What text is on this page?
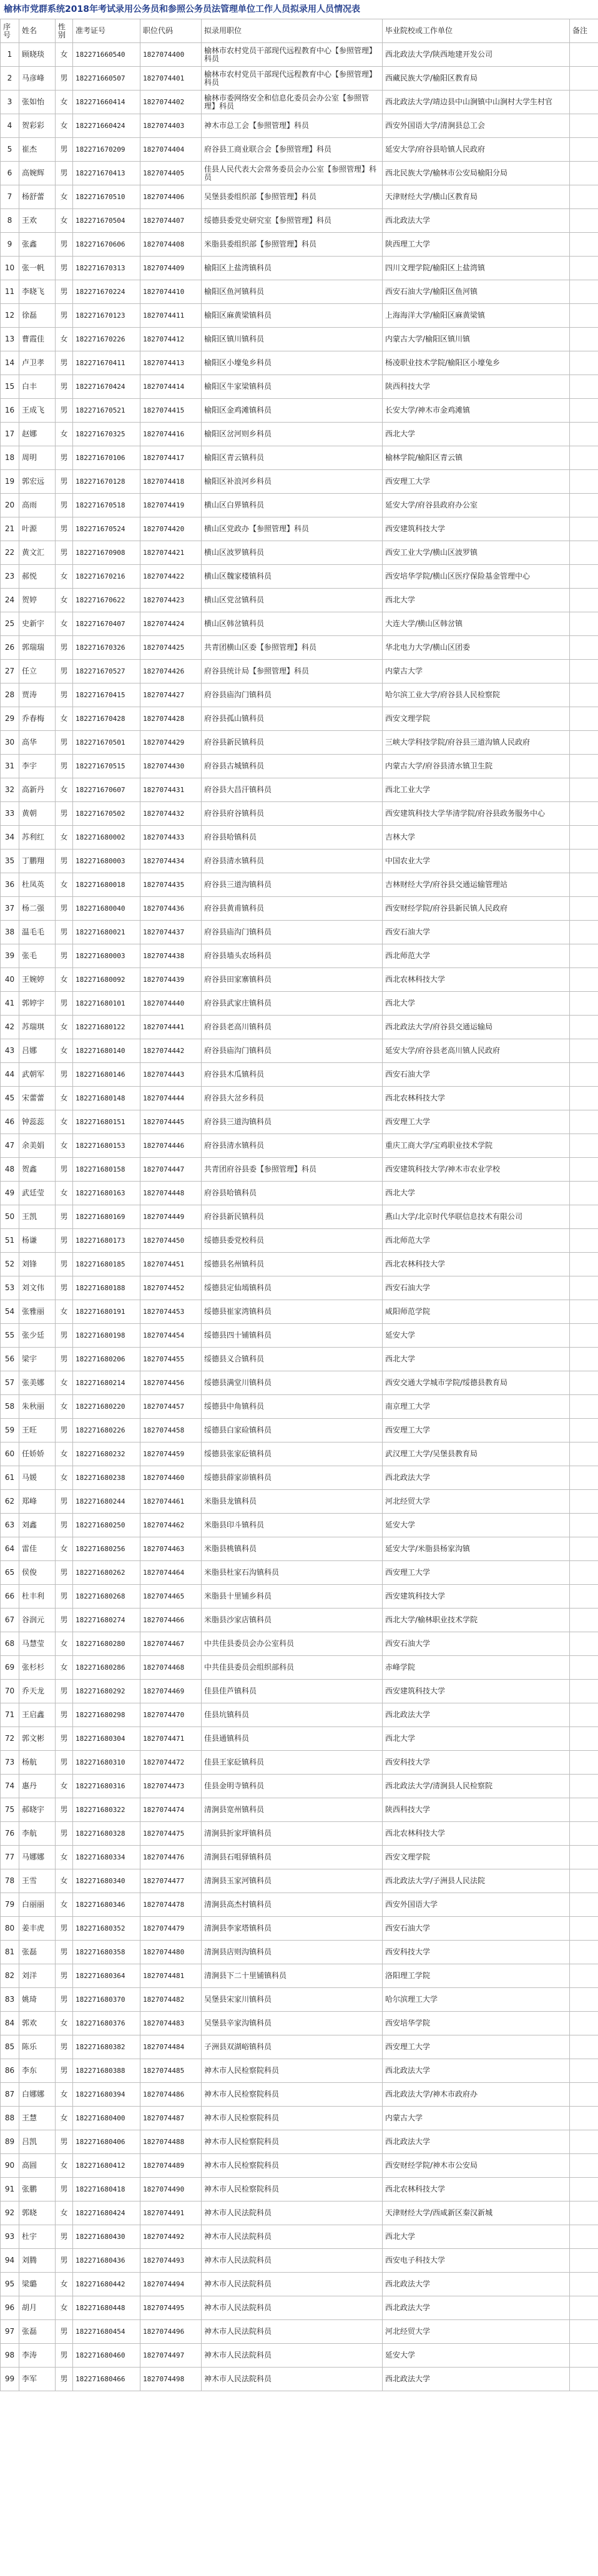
榆林市党群系统2018年考试录用公务员和参照公务员法管理单位工作人员拟录用人员情况表
序号	姓名	性别	准考证号	职位代码	拟录用职位	毕业院校或工作单位	备注
1	顾晓琰	女	182271660540	1827074400	榆林市农村党员干部现代远程教育中心【参照管理】科员	西北政法大学/陕西地建开发公司	
2	马彦峰	男	182271660507	1827074401	榆林市农村党员干部现代远程教育中心【参照管理】科员	西藏民族大学/榆阳区教育局	
3	张如怡	女	182271660414	1827074402	榆林市委网络安全和信息化委员会办公室【参照管理】科员	西北政法大学/靖边县中山涧镇中山涧村大学生村官	
4	贺彩彩	女	182271660424	1827074403	神木市总工会【参照管理】科员	西安外国语大学/清涧县总工会	
5	崔杰	男	182271670209	1827074404	府谷县工商业联合会【参照管理】科员	延安大学/府谷县哈镇人民政府	
6	高婉辉	男	182271670413	1827074405	佳县人民代表大会常务委员会办公室【参照管理】科员	西北民族大学/榆林市公安局榆阳分局	
7	杨舒蕾	女	182271670510	1827074406	吴堡县委组织部【参照管理】科员	天津财经大学/横山区教育局	
8	王欢	女	182271670504	1827074407	绥德县委党史研究室【参照管理】科员	西北政法大学	
9	张鑫	男	182271670606	1827074408	米脂县委组织部【参照管理】科员	陕西理工大学	
10	张一帆	男	182271670313	1827074409	榆阳区上盐湾镇科员	四川文理学院/榆阳区上盐湾镇	
11	李晓飞	男	182271670224	1827074410	榆阳区鱼河镇科员	西安石油大学/榆阳区鱼河镇	
12	徐磊	男	182271670123	1827074411	榆阳区麻黄梁镇科员	上海海洋大学/榆阳区麻黄梁镇	
13	曹霞佳	女	182271670226	1827074412	榆阳区镇川镇科员	内蒙古大学/榆阳区镇川镇	
14	卢卫孝	男	182271670411	1827074413	榆阳区小壕兔乡科员	杨凌职业技术学院/榆阳区小壕兔乡	
15	白丰	男	182271670424	1827074414	榆阳区牛家梁镇科员	陕西科技大学	
16	王成飞	男	182271670521	1827074415	榆阳区金鸡滩镇科员	长安大学/神木市金鸡滩镇	
17	赵娜	女	182271670325	1827074416	榆阳区岔河则乡科员	西北大学	
18	周明	男	182271670106	1827074417	榆阳区青云镇科员	榆林学院/榆阳区青云镇	
19	郭宏远	男	182271670128	1827074418	榆阳区补浪河乡科员	西安理工大学	
20	高雨	男	182271670518	1827074419	横山区白界镇科员	延安大学/府谷县政府办公室	
21	叶源	男	182271670524	1827074420	横山区党政办【参照管理】科员	西安建筑科技大学	
22	黄文汇	男	182271670908	1827074421	横山区波罗镇科员	西安工业大学/横山区波罗镇	
23	郝悦	女	182271670216	1827074422	横山区魏家楼镇科员	西安培华学院/横山区医疗保险基金管理中心	
24	贺婷	女	182271670622	1827074423	横山区党岔镇科员	西北大学	
25	史新宇	女	182271670407	1827074424	横山区韩岔镇科员	大连大学/横山区韩岔镇	
26	郭瑞瑞	男	182271670326	1827074425	共青团横山区委【参照管理】科员	华北电力大学/横山区团委	
27	任立	男	182271670527	1827074426	府谷县统计局【参照管理】科员	内蒙古大学	
28	贾涛	男	182271670415	1827074427	府谷县庙沟门镇科员	哈尔滨工业大学/府谷县人民检察院	
29	乔春梅	女	182271670428	1827074428	府谷县孤山镇科员	西安文理学院	
30	高华	男	182271670501	1827074429	府谷县新民镇科员	三峡大学科技学院/府谷县三道沟镇人民政府	
31	李宇	男	182271670515	1827074430	府谷县古城镇科员	内蒙古大学/府谷县清水镇卫生院	
32	高新丹	女	182271670607	1827074431	府谷县大昌汗镇科员	西北工业大学	
33	黄朝	男	182271670502	1827074432	府谷县府谷镇科员	西安建筑科技大学华清学院/府谷县政务服务中心	
34	苏利红	女	182271680002	1827074433	府谷县哈镇科员	吉林大学	
35	丁鹏翔	男	182271680003	1827074434	府谷县清水镇科员	中国农业大学	
36	杜凤英	女	182271680018	1827074435	府谷县三道沟镇科员	吉林财经大学/府谷县交通运输管理站	
37	杨二强	男	182271680040	1827074436	府谷县黄甫镇科员	西安财经学院/府谷县新民镇人民政府	
38	温毛毛	男	182271680021	1827074437	府谷县庙沟门镇科员	西安石油大学	
39	张毛	男	182271680003	1827074438	府谷县墙头农场科员	西北师范大学	
40	王婉婷	女	182271680092	1827074439	府谷县田家寨镇科员	西北农林科技大学	
41	郭婷宇	男	182271680101	1827074440	府谷县武家庄镇科员	西北大学	
42	苏瑞琪	女	182271680122	1827074441	府谷县老高川镇科员	西北政法大学/府谷县交通运输局	
43	吕娜	女	182271680140	1827074442	府谷县庙沟门镇科员	延安大学/府谷县老高川镇人民政府	
44	武朝军	男	182271680146	1827074443	府谷县木瓜镇科员	西安石油大学	
45	宋蕾蕾	女	182271680148	1827074444	府谷县大岔乡科员	西北农林科技大学	
46	钟蕊蕊	女	182271680151	1827074445	府谷县三道沟镇科员	西安理工大学	
47	余美娟	女	182271680153	1827074446	府谷县清水镇科员	重庆工商大学/宝鸡职业技术学院	
48	贺鑫	男	182271680158	1827074447	共青团府谷县委【参照管理】科员	西安建筑科技大学/神木市农业学校	
49	武廷莹	女	182271680163	1827074448	府谷县哈镇科员	西北大学	
50	王凯	男	182271680169	1827074449	府谷县新民镇科员	燕山大学/北京时代华联信息技术有限公司	
51	杨谦	男	182271680173	1827074450	绥德县委党校科员	西北师范大学	
52	刘锋	男	182271680185	1827074451	绥德县名州镇科员	西北农林科技大学	
53	刘文伟	男	182271680188	1827074452	绥德县定仙墕镇科员	西安石油大学	
54	张雅丽	女	182271680191	1827074453	绥德县崔家湾镇科员	咸阳师范学院	
55	张少廷	男	182271680198	1827074454	绥德县四十铺镇科员	延安大学	
56	梁宇	男	182271680206	1827074455	绥德县义合镇科员	西北大学	
57	张美娜	女	182271680214	1827074456	绥德县满堂川镇科员	西安交通大学城市学院/绥德县教育局	
58	朱秋丽	女	182271680220	1827074457	绥德县中角镇科员	南京理工大学	
59	王旺	男	182271680226	1827074458	绥德县白家硷镇科员	西安理工大学	
60	任娇娇	女	182271680232	1827074459	绥德县张家砭镇科员	武汉理工大学/吴堡县教育局	
61	马媛	女	182271680238	1827074460	绥德县薛家峁镇科员	西北政法大学	
62	郑峰	男	182271680244	1827074461	米脂县龙镇科员	河北经贸大学	
63	刘鑫	男	182271680250	1827074462	米脂县印斗镇科员	延安大学	
64	雷佳	女	182271680256	1827074463	米脂县桃镇科员	延安大学/米脂县杨家沟镇	
65	侯俊	男	182271680262	1827074464	米脂县杜家石沟镇科员	西安理工大学	
66	杜丰利	男	182271680268	1827074465	米脂县十里铺乡科员	西安建筑科技大学	
67	谷润元	男	182271680274	1827074466	米脂县沙家店镇科员	西北大学/榆林职业技术学院	
68	马慧莹	女	182271680280	1827074467	中共佳县委员会办公室科员	西安石油大学	
69	张杉杉	女	182271680286	1827074468	中共佳县委员会组织部科员	赤峰学院	
70	乔天龙	男	182271680292	1827074469	佳县佳芦镇科员	西安建筑科技大学	
71	王启鑫	男	182271680298	1827074470	佳县坑镇科员	西北政法大学	
72	郭文彬	男	182271680304	1827074471	佳县通镇科员	西北大学	
73	杨航	男	182271680310	1827074472	佳县王家砭镇科员	西安科技大学	
74	惠丹	女	182271680316	1827074473	佳县金明寺镇科员	西北政法大学/清涧县人民检察院	
75	郝晓宇	男	182271680322	1827074474	清涧县宽州镇科员	陕西科技大学	
76	李航	男	182271680328	1827074475	清涧县折家坪镇科员	西北农林科技大学	
77	马娜娜	女	182271680334	1827074476	清涧县石咀驿镇科员	西安文理学院	
78	王雪	女	182271680340	1827074477	清涧县玉家河镇科员	西北政法大学/子洲县人民法院	
79	白丽丽	女	182271680346	1827074478	清涧县高杰村镇科员	西安外国语大学	
80	姜丰虎	男	182271680352	1827074479	清涧县李家塔镇科员	西安石油大学	
81	张磊	男	182271680358	1827074480	清涧县店则沟镇科员	西安科技大学	
82	刘洋	男	182271680364	1827074481	清涧县下二十里铺镇科员	洛阳理工学院	
83	姚琦	男	182271680370	1827074482	吴堡县宋家川镇科员	哈尔滨理工大学	
84	郭欢	女	182271680376	1827074483	吴堡县辛家沟镇科员	西安培华学院	
85	陈乐	男	182271680382	1827074484	子洲县双湖峪镇科员	西安理工大学	
86	李东	男	182271680388	1827074485	神木市人民检察院科员	西北政法大学	
87	白娜娜	女	182271680394	1827074486	神木市人民检察院科员	西北政法大学/神木市政府办	
88	王慧	女	182271680400	1827074487	神木市人民检察院科员	内蒙古大学	
89	吕凯	男	182271680406	1827074488	神木市人民检察院科员	西北政法大学	
90	高圆	女	182271680412	1827074489	神木市人民检察院科员	西安财经学院/神木市公安局	
91	张鹏	男	182271680418	1827074490	神木市人民检察院科员	西北农林科技大学	
92	郭晓	女	182271680424	1827074491	神木市人民法院科员	天津财经大学/西咸新区秦汉新城	
93	杜宇	男	182271680430	1827074492	神木市人民法院科员	西北大学	
94	刘腾	男	182271680436	1827074493	神木市人民法院科员	西安电子科技大学	
95	梁璐	女	182271680442	1827074494	神木市人民法院科员	西北政法大学	
96	胡月	女	182271680448	1827074495	神木市人民法院科员	西北政法大学	
97	张磊	男	182271680454	1827074496	神木市人民法院科员	河北经贸大学	
98	李涛	男	182271680460	1827074497	神木市人民法院科员	延安大学	
99	李军	男	182271680466	1827074498	神木市人民法院科员	西北政法大学	
